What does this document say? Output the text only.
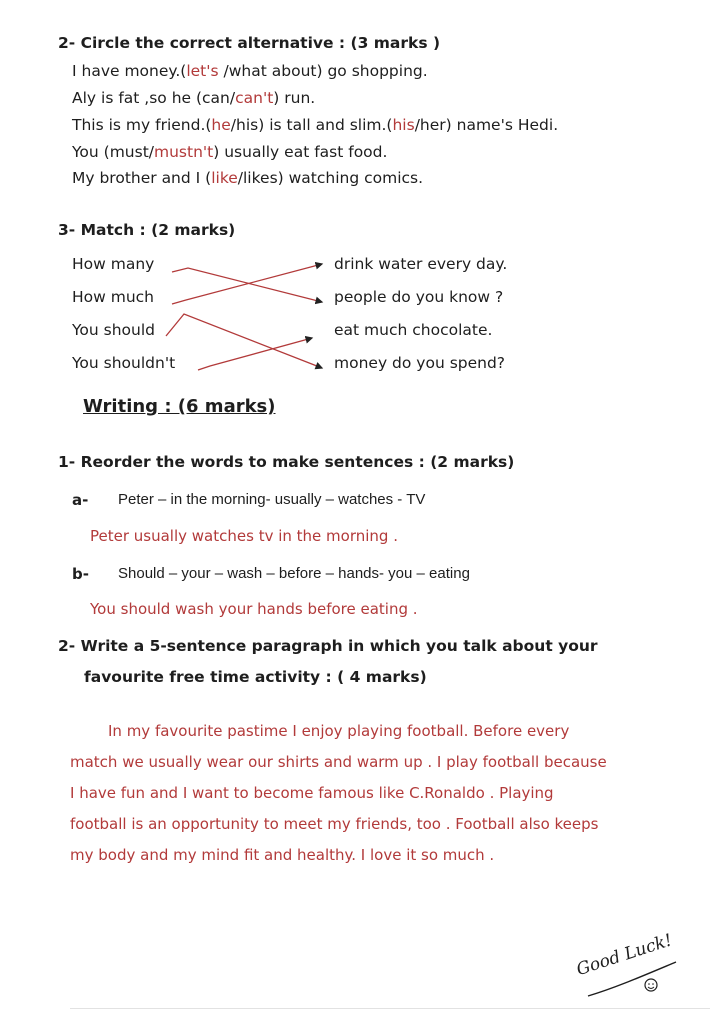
2- Circle the correct alternative : (3 marks )
I have money.(let's /what about) go shopping.
Aly is fat ,so he (can/can't) run.
This is my friend.(he/his) is tall and slim.(his/her) name's Hedi.
You (must/mustn't) usually eat fast food.
My brother and I (like/likes) watching comics.
3- Match : (2 marks)
How many
How much
You should
You shouldn't
drink water every day.
people do you know ?
eat much chocolate.
money do you spend?
Writing : (6 marks)
1- Reorder the words to make sentences : (2 marks)
a- Peter – in the morning- usually – watches - TV
Peter usually watches tv in the morning .
b- Should – your – wash – before – hands- you – eating
You should wash your hands before eating .
2- Write a 5-sentence paragraph in which you talk about your
favourite free time activity : ( 4 marks)
In my favourite pastime I enjoy playing football. Before every
match we usually wear our shirts and warm up . I play football because
I have fun and I want to become famous like C.Ronaldo . Playing
football is an opportunity to meet my friends, too . Football also keeps
my body and my mind fit and healthy. I love it so much .
Good Luck!
